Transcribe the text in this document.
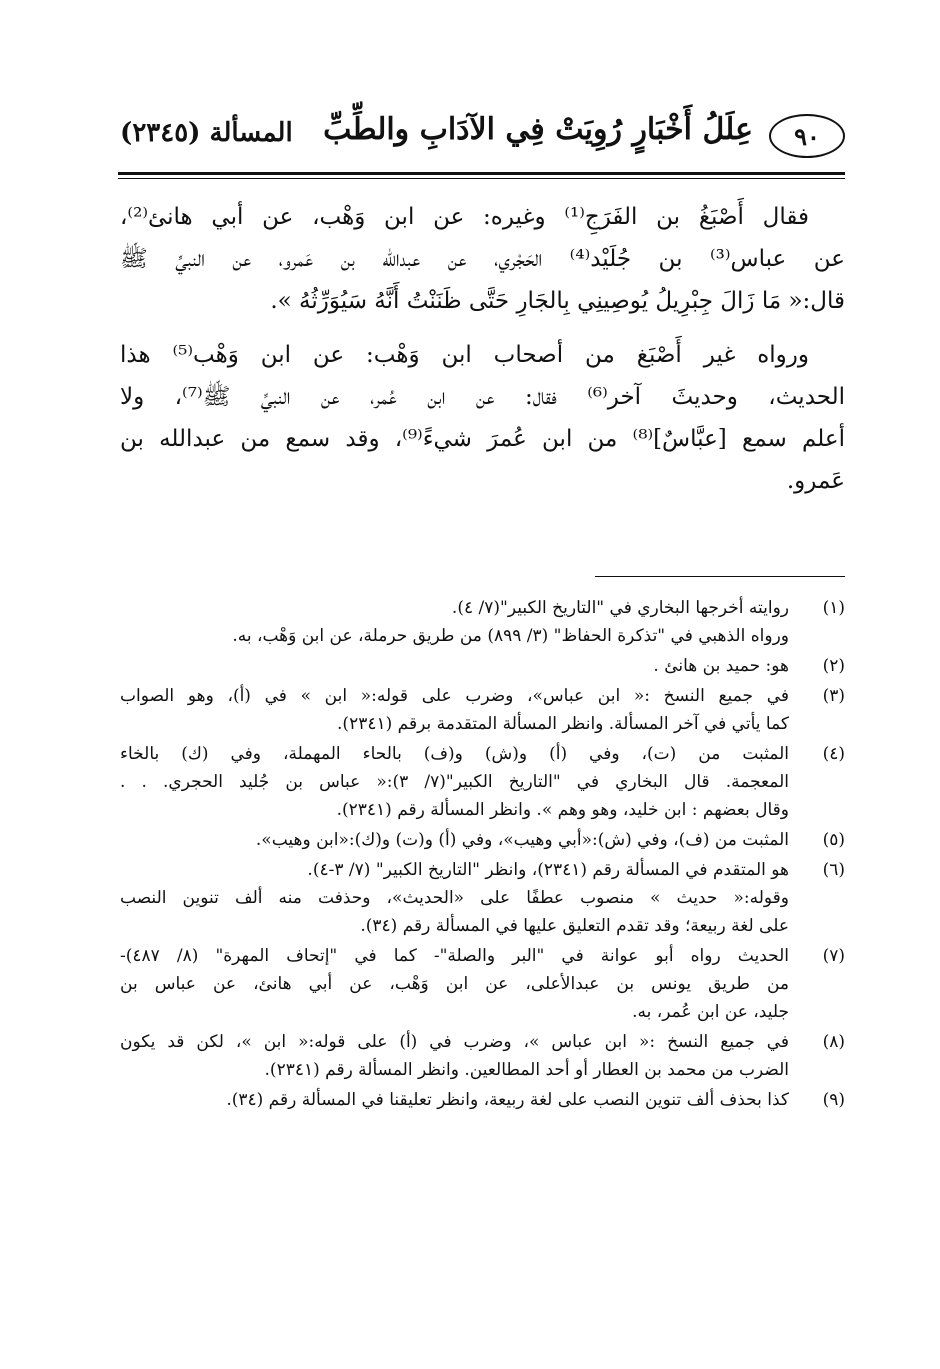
٩٠
عِلَلُ أَخْبَارٍ رُوِيَتْ فِي الآدَابِ والطِّبِّ
المسألة (٢٣٤٥)
فقال أَصْبَغُ بن الفَرَجِ⁽¹⁾ وغيره: عن ابن وَهْب، عن أبي هانئ⁽²⁾،
عن عباس⁽³⁾ بن جُلَيْد⁽⁴⁾ الحَجْري، عن عبدالله بن عَمرو، عن النبيِّ ﷺ
قال:« مَا زَالَ جِبْرِيلُ يُوصِينِي بِالجَارِ حَتَّى ظَنَنْتُ أَنَّهُ سَيُوَرِّثُهُ ».
ورواه غير أَصْبَغ من أصحاب ابن وَهْب: عن ابن وَهْب⁽⁵⁾ هذا
الحديث، وحديثَ آخر⁽⁶⁾ فقال: عن ابن عُمر، عن النبيِّ ﷺ⁽⁷⁾، ولا
أعلم سمع [عبَّاسٌ]⁽⁸⁾ من ابن عُمرَ شيءً⁽⁹⁾، وقد سمع من عبدالله بن
عَمرو.
(١)
روايته أخرجها البخاري في "التاريخ الكبير"(٧/ ٤).
ورواه الذهبي في "تذكرة الحفاظ" (٣/ ٨٩٩) من طريق حرملة، عن ابن وَهْب، به.
(٢)
هو: حميد بن هانئ .
(٣)
في جميع النسخ :« ابن عباس»، وضرب على قوله:« ابن » في (أ)، وهو الصواب
كما يأتي في آخر المسألة. وانظر المسألة المتقدمة برقم (٢٣٤١).
(٤)
المثبت من (ت)، وفي (أ) و(ش) و(ف) بالحاء المهملة، وفي (ك) بالخاء
المعجمة. قال البخاري في "التاريخ الكبير"(٧/ ٣):« عباس بن جُليد الحجري. . .
وقال بعضهم : ابن خليد، وهو وهم ». وانظر المسألة رقم (٢٣٤١).
(٥)
المثبت من (ف)، وفي (ش):«أبي وهيب»، وفي (أ) و(ت) و(ك):«ابن وهيب».
(٦)
هو المتقدم في المسألة رقم (٢٣٤١)، وانظر "التاريخ الكبير" (٧/ ٣-٤).
وقوله:« حديث » منصوب عطفًا على «الحديث»، وحذفت منه ألف تنوين النصب
على لغة ربيعة؛ وقد تقدم التعليق عليها في المسألة رقم (٣٤).
(٧)
الحديث رواه أبو عوانة في "البر والصلة"- كما في "إتحاف المهرة" (٨/ ٤٨٧)-
من طريق يونس بن عبدالأعلى، عن ابن وَهْب، عن أبي هانئ، عن عباس بن
جليد، عن ابن عُمر، به.
(٨)
في جميع النسخ :« ابن عباس »، وضرب في (أ) على قوله:« ابن »، لكن قد يكون
الضرب من محمد بن العطار أو أحد المطالعين. وانظر المسألة رقم (٢٣٤١).
(٩)
كذا بحذف ألف تنوين النصب على لغة ربيعة، وانظر تعليقنا في المسألة رقم (٣٤).
